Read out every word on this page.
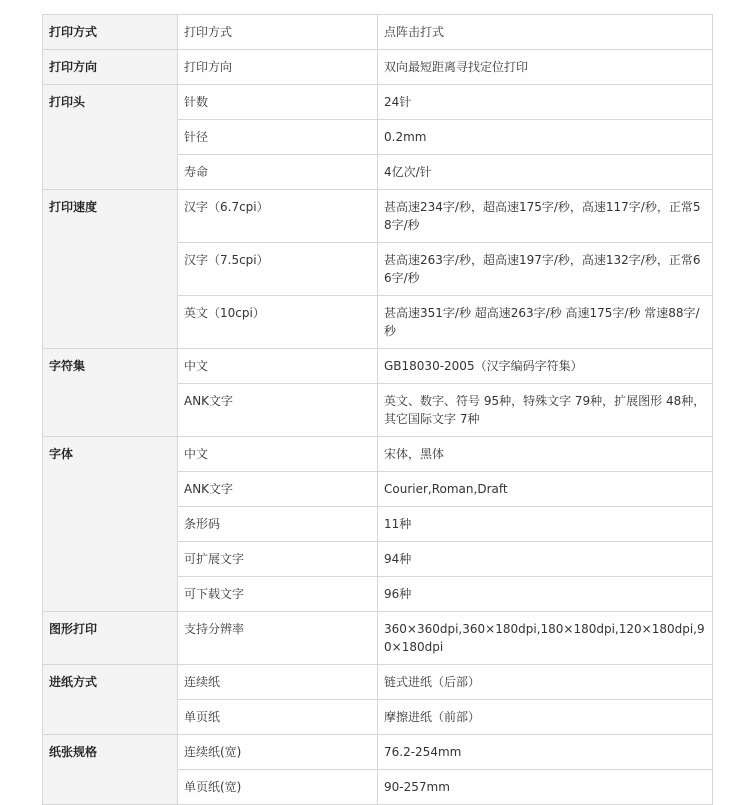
打印方式	打印方式	点阵击打式
打印方向	打印方向	双向最短距离寻找定位打印
打印头	针数	24针
	针径	0.2mm
	寿命	4亿次/针
打印速度	汉字（6.7cpi）	甚高速234字/秒，超高速175字/秒，高速117字/秒，正常58字/秒
	汉字（7.5cpi）	甚高速263字/秒，超高速197字/秒，高速132字/秒，正常66字/秒
	英文（10cpi）	甚高速351字/秒 超高速263字/秒 高速175字/秒 常速88字/秒
字符集	中文	GB18030-2005（汉字编码字符集）
	ANK文字	英文、数字、符号 95种，特殊文字 79种，扩展图形 48种，其它国际文字 7种
字体	中文	宋体，黑体
	ANK文字	Courier,Roman,Draft
	条形码	11种
	可扩展文字	94种
	可下载文字	96种
图形打印	支持分辨率	360×360dpi,360×180dpi,180×180dpi,120×180dpi,90×180dpi
进纸方式	连续纸	链式进纸（后部）
	单页纸	摩擦进纸（前部）
纸张规格	连续纸(宽)	76.2-254mm
	单页纸(宽)	90-257mm
